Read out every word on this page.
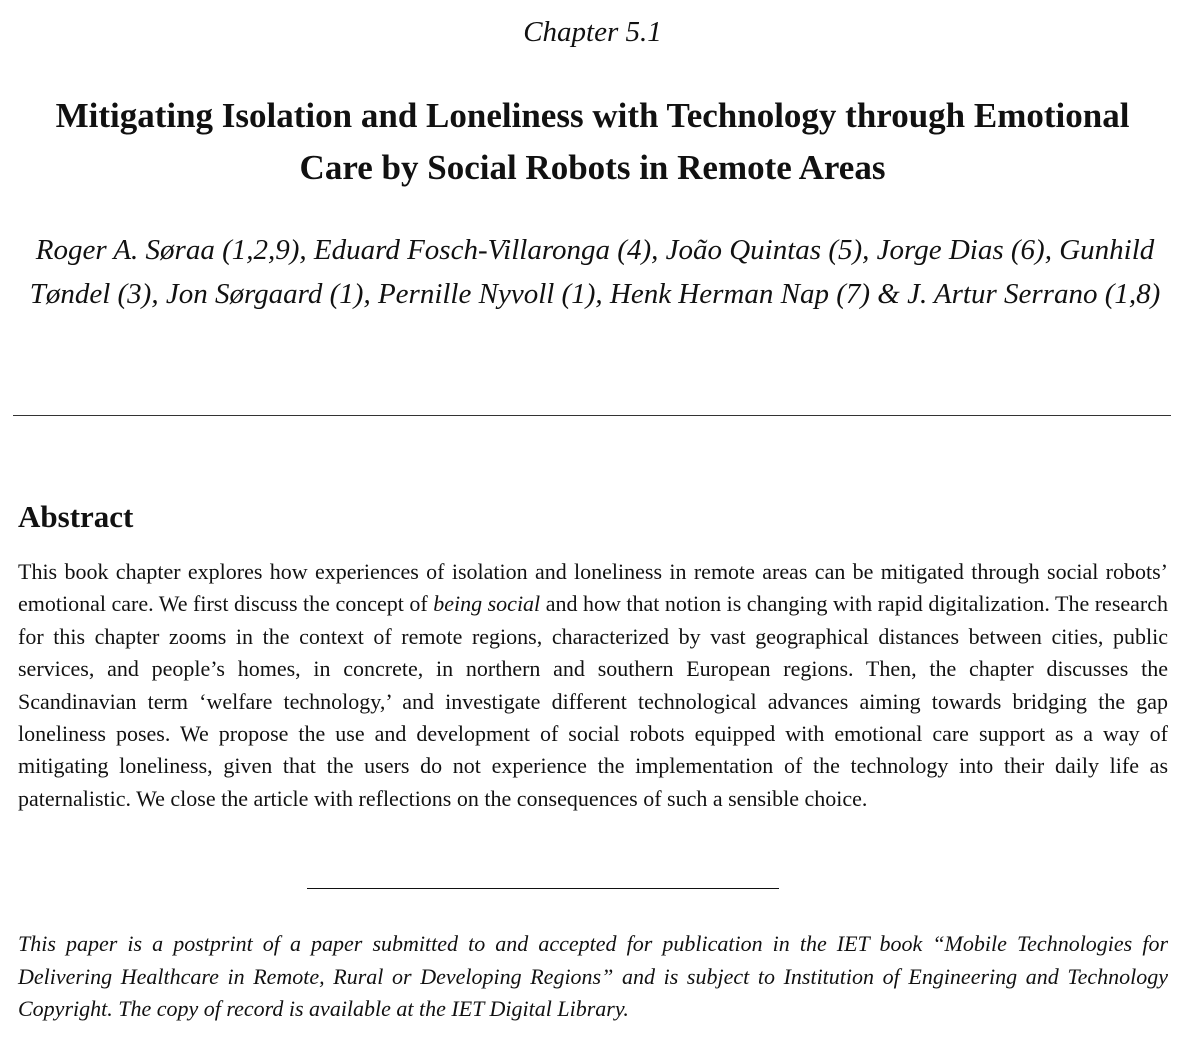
Chapter 5.1
Mitigating Isolation and Loneliness with Technology through Emotional Care by Social Robots in Remote Areas
Roger A. Søraa (1,2,9), Eduard Fosch-Villaronga (4), João Quintas (5), Jorge Dias (6), Gunhild Tøndel (3), Jon Sørgaard (1), Pernille Nyvoll (1), Henk Herman Nap (7) & J. Artur Serrano (1,8)
Abstract

This book chapter explores how experiences of isolation and loneliness in remote areas can be mitigated through social robots’ emotional care. We first discuss the concept of being social and how that notion is changing with rapid digitalization. The research for this chapter zooms in the context of remote regions, characterized by vast geographical distances between cities, public services, and people’s homes, in concrete, in northern and southern European regions. Then, the chapter discusses the Scandinavian term ‘welfare technology,’ and investigate different technological advances aiming towards bridging the gap loneliness poses. We propose the use and development of social robots equipped with emotional care support as a way of mitigating loneliness, given that the users do not experience the implementation of the technology into their daily life as paternalistic. We close the article with reflections on the consequences of such a sensible choice.

This paper is a postprint of a paper submitted to and accepted for publication in the IET book “Mobile Technologies for Delivering Healthcare in Remote, Rural or Developing Regions” and is subject to Institution of Engineering and Technology Copyright. The copy of record is available at the IET Digital Library.
